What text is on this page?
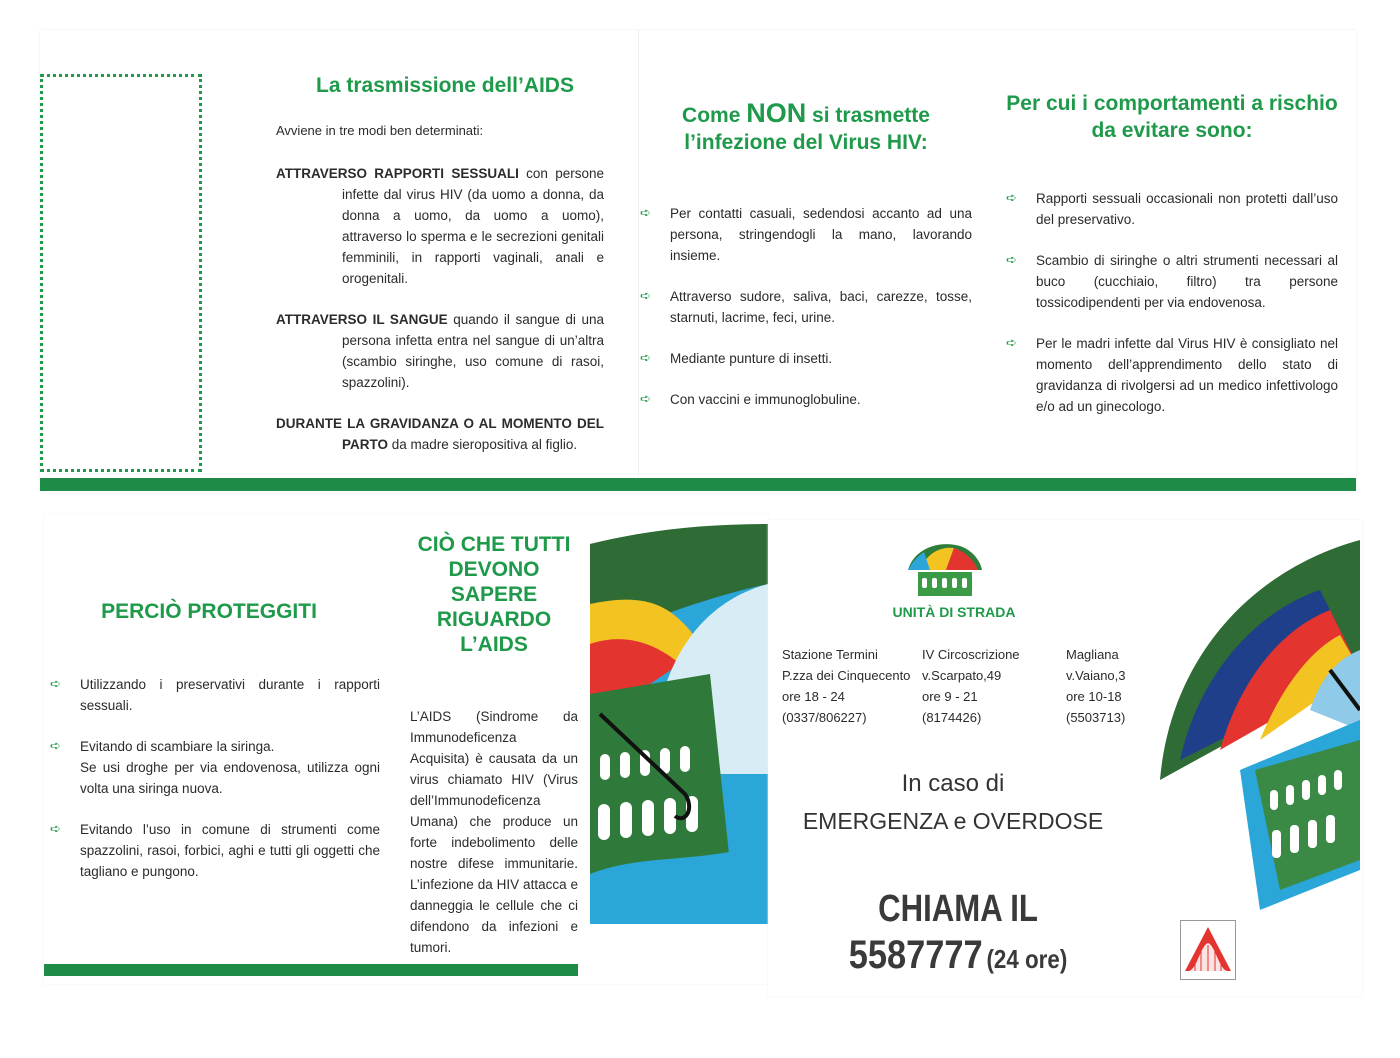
La trasmissione dell’AIDS

Avviene in tre modi ben determinati:

ATTRAVERSO RAPPORTI SESSUALI con persone infette dal virus HIV (da uomo a donna, da donna a uomo, da uomo a uomo), attraverso lo sperma e le secrezioni genitali femminili, in rapporti vaginali, anali e orogenitali.

ATTRAVERSO IL SANGUE quando il sangue di una persona infetta entra nel sangue di un’altra (scambio siringhe, uso comune di rasoi, spazzolini).

DURANTE LA GRAVIDANZA O AL MOMENTO DEL PARTO da madre sieropositiva al figlio.

Come NON si trasmette
l’infezione del Virus HIV:
➪ Per contatti casuali, sedendosi accanto ad una persona, stringendogli la mano, lavorando insieme.
➪ Attraverso sudore, saliva, baci, carezze, tosse, starnuti, lacrime, feci, urine.
➪ Mediante punture di insetti.
➪ Con vaccini e immunoglobuline.
Per cui i comportamenti a rischio
da evitare sono:
➪ Rapporti sessuali occasionali non protetti dall’uso del preservativo.
➪ Scambio di siringhe o altri strumenti necessari al buco (cucchiaio, filtro) tra persone tossicodipendenti per via endovenosa.
➪ Per le madri infette dal Virus HIV è consigliato nel momento dell’apprendimento dello stato di gravidanza di rivolgersi ad un medico infettivologo e/o ad un ginecologo.
PERCIÒ PROTEGGITI
➪ Utilizzando i preservativi durante i rapporti sessuali.
➪ Evitando di scambiare la siringa.
Se usi droghe per via endovenosa, utilizza ogni volta una siringa nuova.
➪ Evitando l’uso in comune di strumenti come spazzolini, rasoi, forbici, aghi e tutti gli oggetti che tagliano e pungono.
CIÒ CHE TUTTI
DEVONO
SAPERE
RIGUARDO
L’AIDS

L’AIDS (Sindrome da Immunodeficenza Acquisita) è causata da un virus chiamato HIV (Virus dell’Immunodeficenza Umana) che produce un forte indebolimento delle nostre difese immunitarie. L’infezione da HIV attacca e danneggia le cellule che ci difendono da infezioni e tumori.

UNITÀ DI STRADA
Stazione Termini
P.zza dei Cinquecento
ore 18 - 24
(0337/806227)
IV Circoscrizione
v.Scarpato,49
ore 9 - 21
(8174426)
Magliana
v.Vaiano,3
ore 10-18
(5503713)
In caso di
EMERGENZA e OVERDOSE
CHIAMA IL
5587777 (24 ore)
